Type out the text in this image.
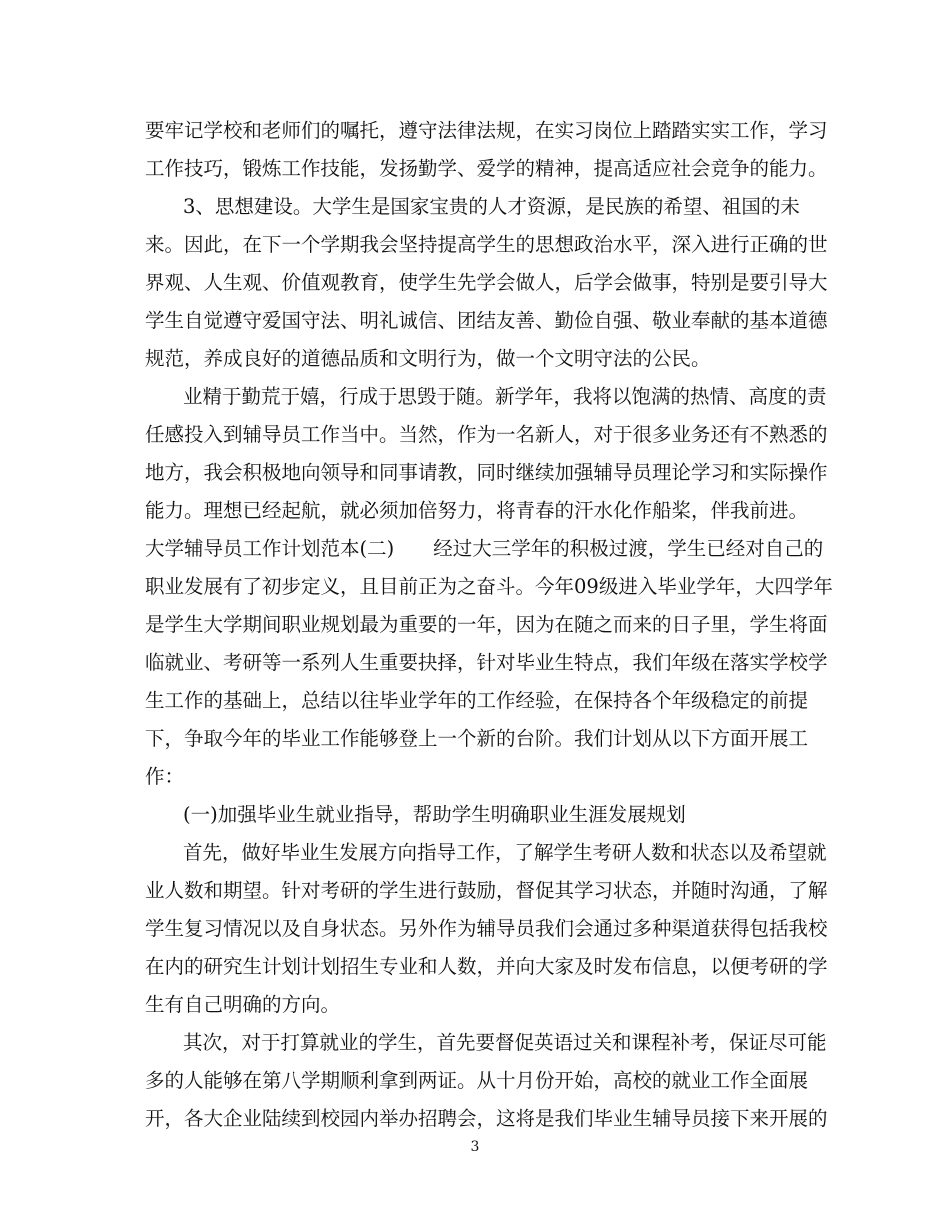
要牢记学校和老师们的嘱托，遵守法律法规，在实习岗位上踏踏实实工作，学习
工作技巧，锻炼工作技能，发扬勤学、爱学的精神，提高适应社会竞争的能力。
3、思想建设。大学生是国家宝贵的人才资源，是民族的希望、祖国的未
来。因此，在下一个学期我会坚持提高学生的思想政治水平，深入进行正确的世
界观、人生观、价值观教育，使学生先学会做人，后学会做事，特别是要引导大
学生自觉遵守爱国守法、明礼诚信、团结友善、勤俭自强、敬业奉献的基本道德
规范，养成良好的道德品质和文明行为，做一个文明守法的公民。
业精于勤荒于嬉，行成于思毁于随。新学年，我将以饱满的热情、高度的责
任感投入到辅导员工作当中。当然，作为一名新人，对于很多业务还有不熟悉的
地方，我会积极地向领导和同事请教，同时继续加强辅导员理论学习和实际操作
能力。理想已经起航，就必须加倍努力，将青春的汗水化作船桨，伴我前进。
大学辅导员工作计划范本(二)　　经过大三学年的积极过渡，学生已经对自己的
职业发展有了初步定义，且目前正为之奋斗。今年09级进入毕业学年，大四学年
是学生大学期间职业规划最为重要的一年，因为在随之而来的日子里，学生将面
临就业、考研等一系列人生重要抉择，针对毕业生特点，我们年级在落实学校学
生工作的基础上，总结以往毕业学年的工作经验，在保持各个年级稳定的前提
下，争取今年的毕业工作能够登上一个新的台阶。我们计划从以下方面开展工
作：
(一)加强毕业生就业指导，帮助学生明确职业生涯发展规划
首先，做好毕业生发展方向指导工作，了解学生考研人数和状态以及希望就
业人数和期望。针对考研的学生进行鼓励，督促其学习状态，并随时沟通，了解
学生复习情况以及自身状态。另外作为辅导员我们会通过多种渠道获得包括我校
在内的研究生计划计划招生专业和人数，并向大家及时发布信息，以便考研的学
生有自己明确的方向。
其次，对于打算就业的学生，首先要督促英语过关和课程补考，保证尽可能
多的人能够在第八学期顺利拿到两证。从十月份开始，高校的就业工作全面展
开，各大企业陆续到校园内举办招聘会，这将是我们毕业生辅导员接下来开展的
3
